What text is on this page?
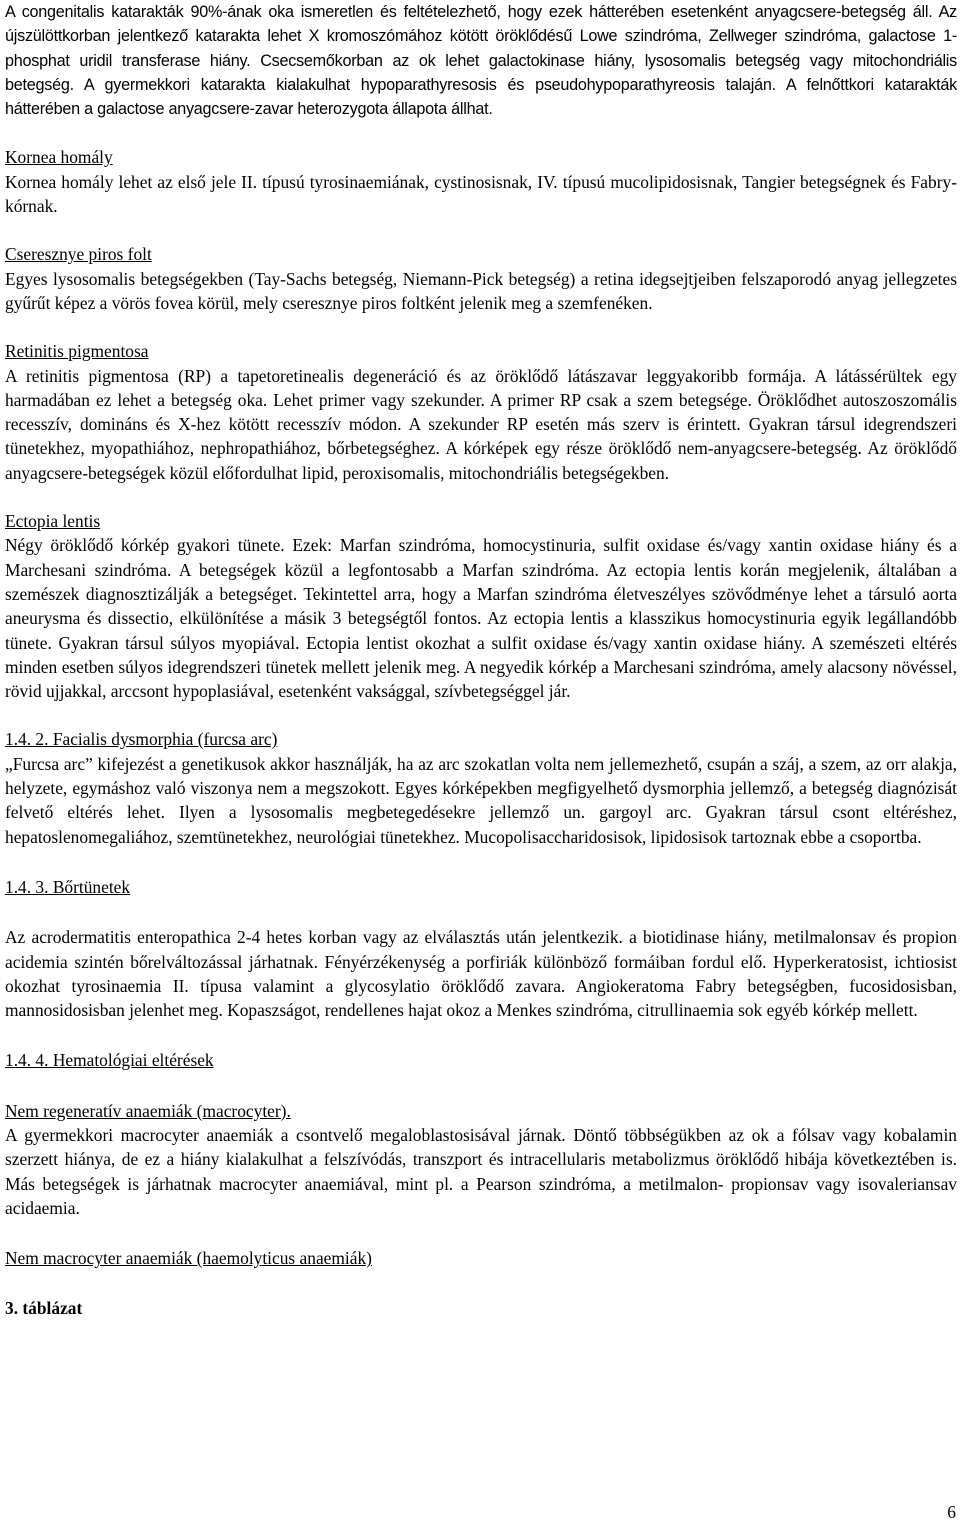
A congenitalis katarakták 90%-ának oka ismeretlen és feltételezhető, hogy ezek hátterében esetenként anyagcsere-betegség áll. Az újszülöttkorban jelentkező katarakta lehet X kromoszómához kötött öröklődésű Lowe szindróma, Zellweger szindróma, galactose 1-phosphat uridil transferase hiány. Csecsemőkorban az ok lehet galactokinase hiány, lysosomalis betegség vagy mitochondriális betegség. A gyermekkori katarakta kialakulhat hypoparathyresosis és pseudohypoparathyreosis talaján. A felnőttkori katarakták hátterében a galactose anyagcsere-zavar heterozygota állapota állhat.

Kornea homály

Kornea homály lehet az első jele II. típusú tyrosinaemiának, cystinosisnak, IV. típusú mucolipidosisnak, Tangier betegségnek és Fabry-kórnak.

Cseresznye piros folt

Egyes lysosomalis betegségekben (Tay-Sachs betegség, Niemann-Pick betegség) a retina idegsejtjeiben felszaporodó anyag jellegzetes gyűrűt képez a vörös fovea körül, mely cseresznye piros foltként jelenik meg a szemfenéken.

Retinitis pigmentosa

A retinitis pigmentosa (RP) a tapetoretinealis degeneráció és az öröklődő látászavar leggyakoribb formája. A látássérültek egy harmadában ez lehet a betegség oka. Lehet primer vagy szekunder. A primer RP csak a szem betegsége. Öröklődhet autoszoszomális recesszív, domináns és X-hez kötött recesszív módon. A szekunder RP esetén más szerv is érintett. Gyakran társul idegrendszeri tünetekhez, myopathiához, nephropathiához, bőrbetegséghez. A kórképek egy része öröklődő nem-anyagcsere-betegség. Az öröklődő anyagcsere-betegségek közül előfordulhat lipid, peroxisomalis, mitochondriális betegségekben.

Ectopia lentis

Négy öröklődő kórkép gyakori tünete. Ezek: Marfan szindróma, homocystinuria, sulfit oxidase és/vagy xantin oxidase hiány és a Marchesani szindróma. A betegségek közül a legfontosabb a Marfan szindróma. Az ectopia lentis korán megjelenik, általában a szemészek diagnosztizálják a betegséget. Tekintettel arra, hogy a Marfan szindróma életveszélyes szövődménye lehet a társuló aorta aneurysma és dissectio, elkülönítése a másik 3 betegségtől fontos. Az ectopia lentis a klasszikus homocystinuria egyik legállandóbb tünete. Gyakran társul súlyos myopiával. Ectopia lentist okozhat a sulfit oxidase és/vagy xantin oxidase hiány. A szemészeti eltérés minden esetben súlyos idegrendszeri tünetek mellett jelenik meg. A negyedik kórkép a Marchesani szindróma, amely alacsony növéssel, rövid ujjakkal, arccsont hypoplasiával, esetenként vaksággal, szívbetegséggel jár.

1.4. 2. Facialis dysmorphia (furcsa arc)

„Furcsa arc” kifejezést a genetikusok akkor használják, ha az arc szokatlan volta nem jellemezhető, csupán a száj, a szem, az orr alakja, helyzete, egymáshoz való viszonya nem a megszokott. Egyes kórképekben megfigyelhető dysmorphia jellemző, a betegség diagnózisát felvető eltérés lehet. Ilyen a lysosomalis megbetegedésekre jellemző un. gargoyl arc. Gyakran társul csont eltéréshez, hepatoslenomegaliához, szemtünetekhez, neurológiai tünetekhez. Mucopolisaccharidosisok, lipidosisok tartoznak ebbe a csoportba.

1.4. 3. Bőrtünetek

Az acrodermatitis enteropathica 2-4 hetes korban vagy az elválasztás után jelentkezik. a biotidinase hiány, metilmalonsav és propion acidemia szintén bőrelváltozással járhatnak. Fényérzékenység a porfiriák különböző formáiban fordul elő. Hyperkeratosist, ichtiosist okozhat tyrosinaemia II. típusa valamint a glycosylatio öröklődő zavara. Angiokeratoma Fabry betegségben, fucosidosisban, mannosidosisban jelenhet meg. Kopaszságot, rendellenes hajat okoz a Menkes szindróma, citrullinaemia sok egyéb kórkép mellett.

1.4. 4. Hematológiai eltérések

Nem regeneratív anaemiák (macrocyter).

A gyermekkori macrocyter anaemiák a csontvelő megaloblastosisával járnak. Döntő többségükben az ok a fólsav vagy kobalamin szerzett hiánya, de ez a hiány kialakulhat a felszívódás, transzport és intracellularis metabolizmus öröklődő hibája következtében is. Más betegségek is járhatnak macrocyter anaemiával, mint pl. a Pearson szindróma, a metilmalon- propionsav vagy isovaleriansav acidaemia.

Nem macrocyter anaemiák (haemolyticus anaemiák)

3. táblázat

6
